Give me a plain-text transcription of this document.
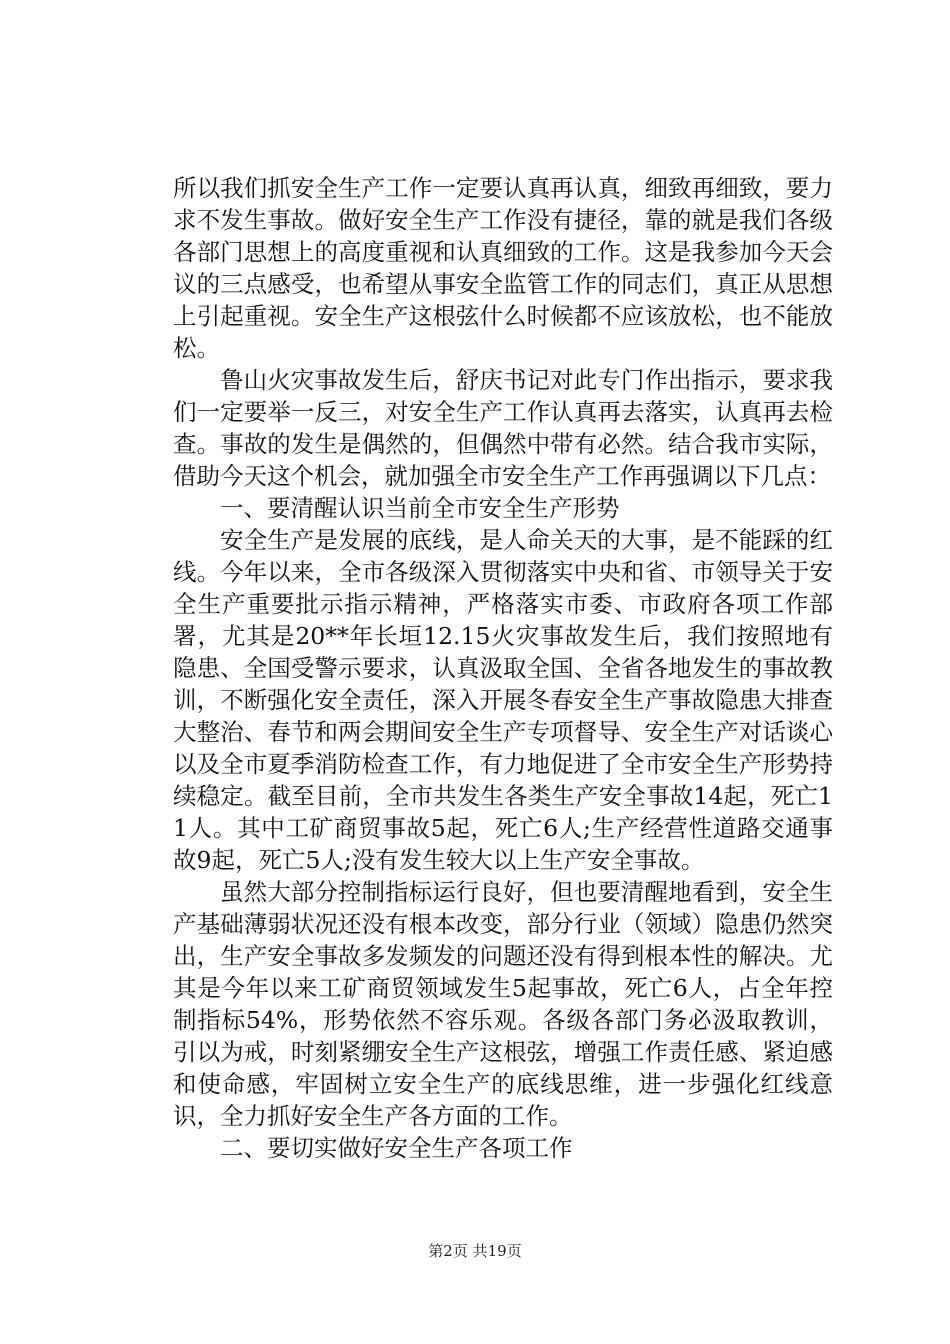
所以我们抓安全生产工作一定要认真再认真，细致再细致，要力求不发生事故。做好安全生产工作没有捷径，靠的就是我们各级各部门思想上的高度重视和认真细致的工作。这是我参加今天会议的三点感受，也希望从事安全监管工作的同志们，真正从思想上引起重视。安全生产这根弦什么时候都不应该放松，也不能放松。

鲁山火灾事故发生后，舒庆书记对此专门作出指示，要求我们一定要举一反三，对安全生产工作认真再去落实，认真再去检查。事故的发生是偶然的，但偶然中带有必然。结合我市实际，借助今天这个机会，就加强全市安全生产工作再强调以下几点：

一、要清醒认识当前全市安全生产形势

安全生产是发展的底线，是人命关天的大事，是不能踩的红线。今年以来，全市各级深入贯彻落实中央和省、市领导关于安全生产重要批示指示精神，严格落实市委、市政府各项工作部署，尤其是20**年长垣12.15火灾事故发生后，我们按照地有隐患、全国受警示要求，认真汲取全国、全省各地发生的事故教训，不断强化安全责任，深入开展冬春安全生产事故隐患大排查大整治、春节和两会期间安全生产专项督导、安全生产对话谈心以及全市夏季消防检查工作，有力地促进了全市安全生产形势持续稳定。截至目前，全市共发生各类生产安全事故14起，死亡11人。其中工矿商贸事故5起，死亡6人;生产经营性道路交通事故9起，死亡5人;没有发生较大以上生产安全事故。

虽然大部分控制指标运行良好，但也要清醒地看到，安全生产基础薄弱状况还没有根本改变，部分行业（领域）隐患仍然突出，生产安全事故多发频发的问题还没有得到根本性的解决。尤其是今年以来工矿商贸领域发生5起事故，死亡6人，占全年控制指标54%，形势依然不容乐观。各级各部门务必汲取教训，引以为戒，时刻紧绷安全生产这根弦，增强工作责任感、紧迫感和使命感，牢固树立安全生产的底线思维，进一步强化红线意识，全力抓好安全生产各方面的工作。

二、要切实做好安全生产各项工作

第2页 共19页
